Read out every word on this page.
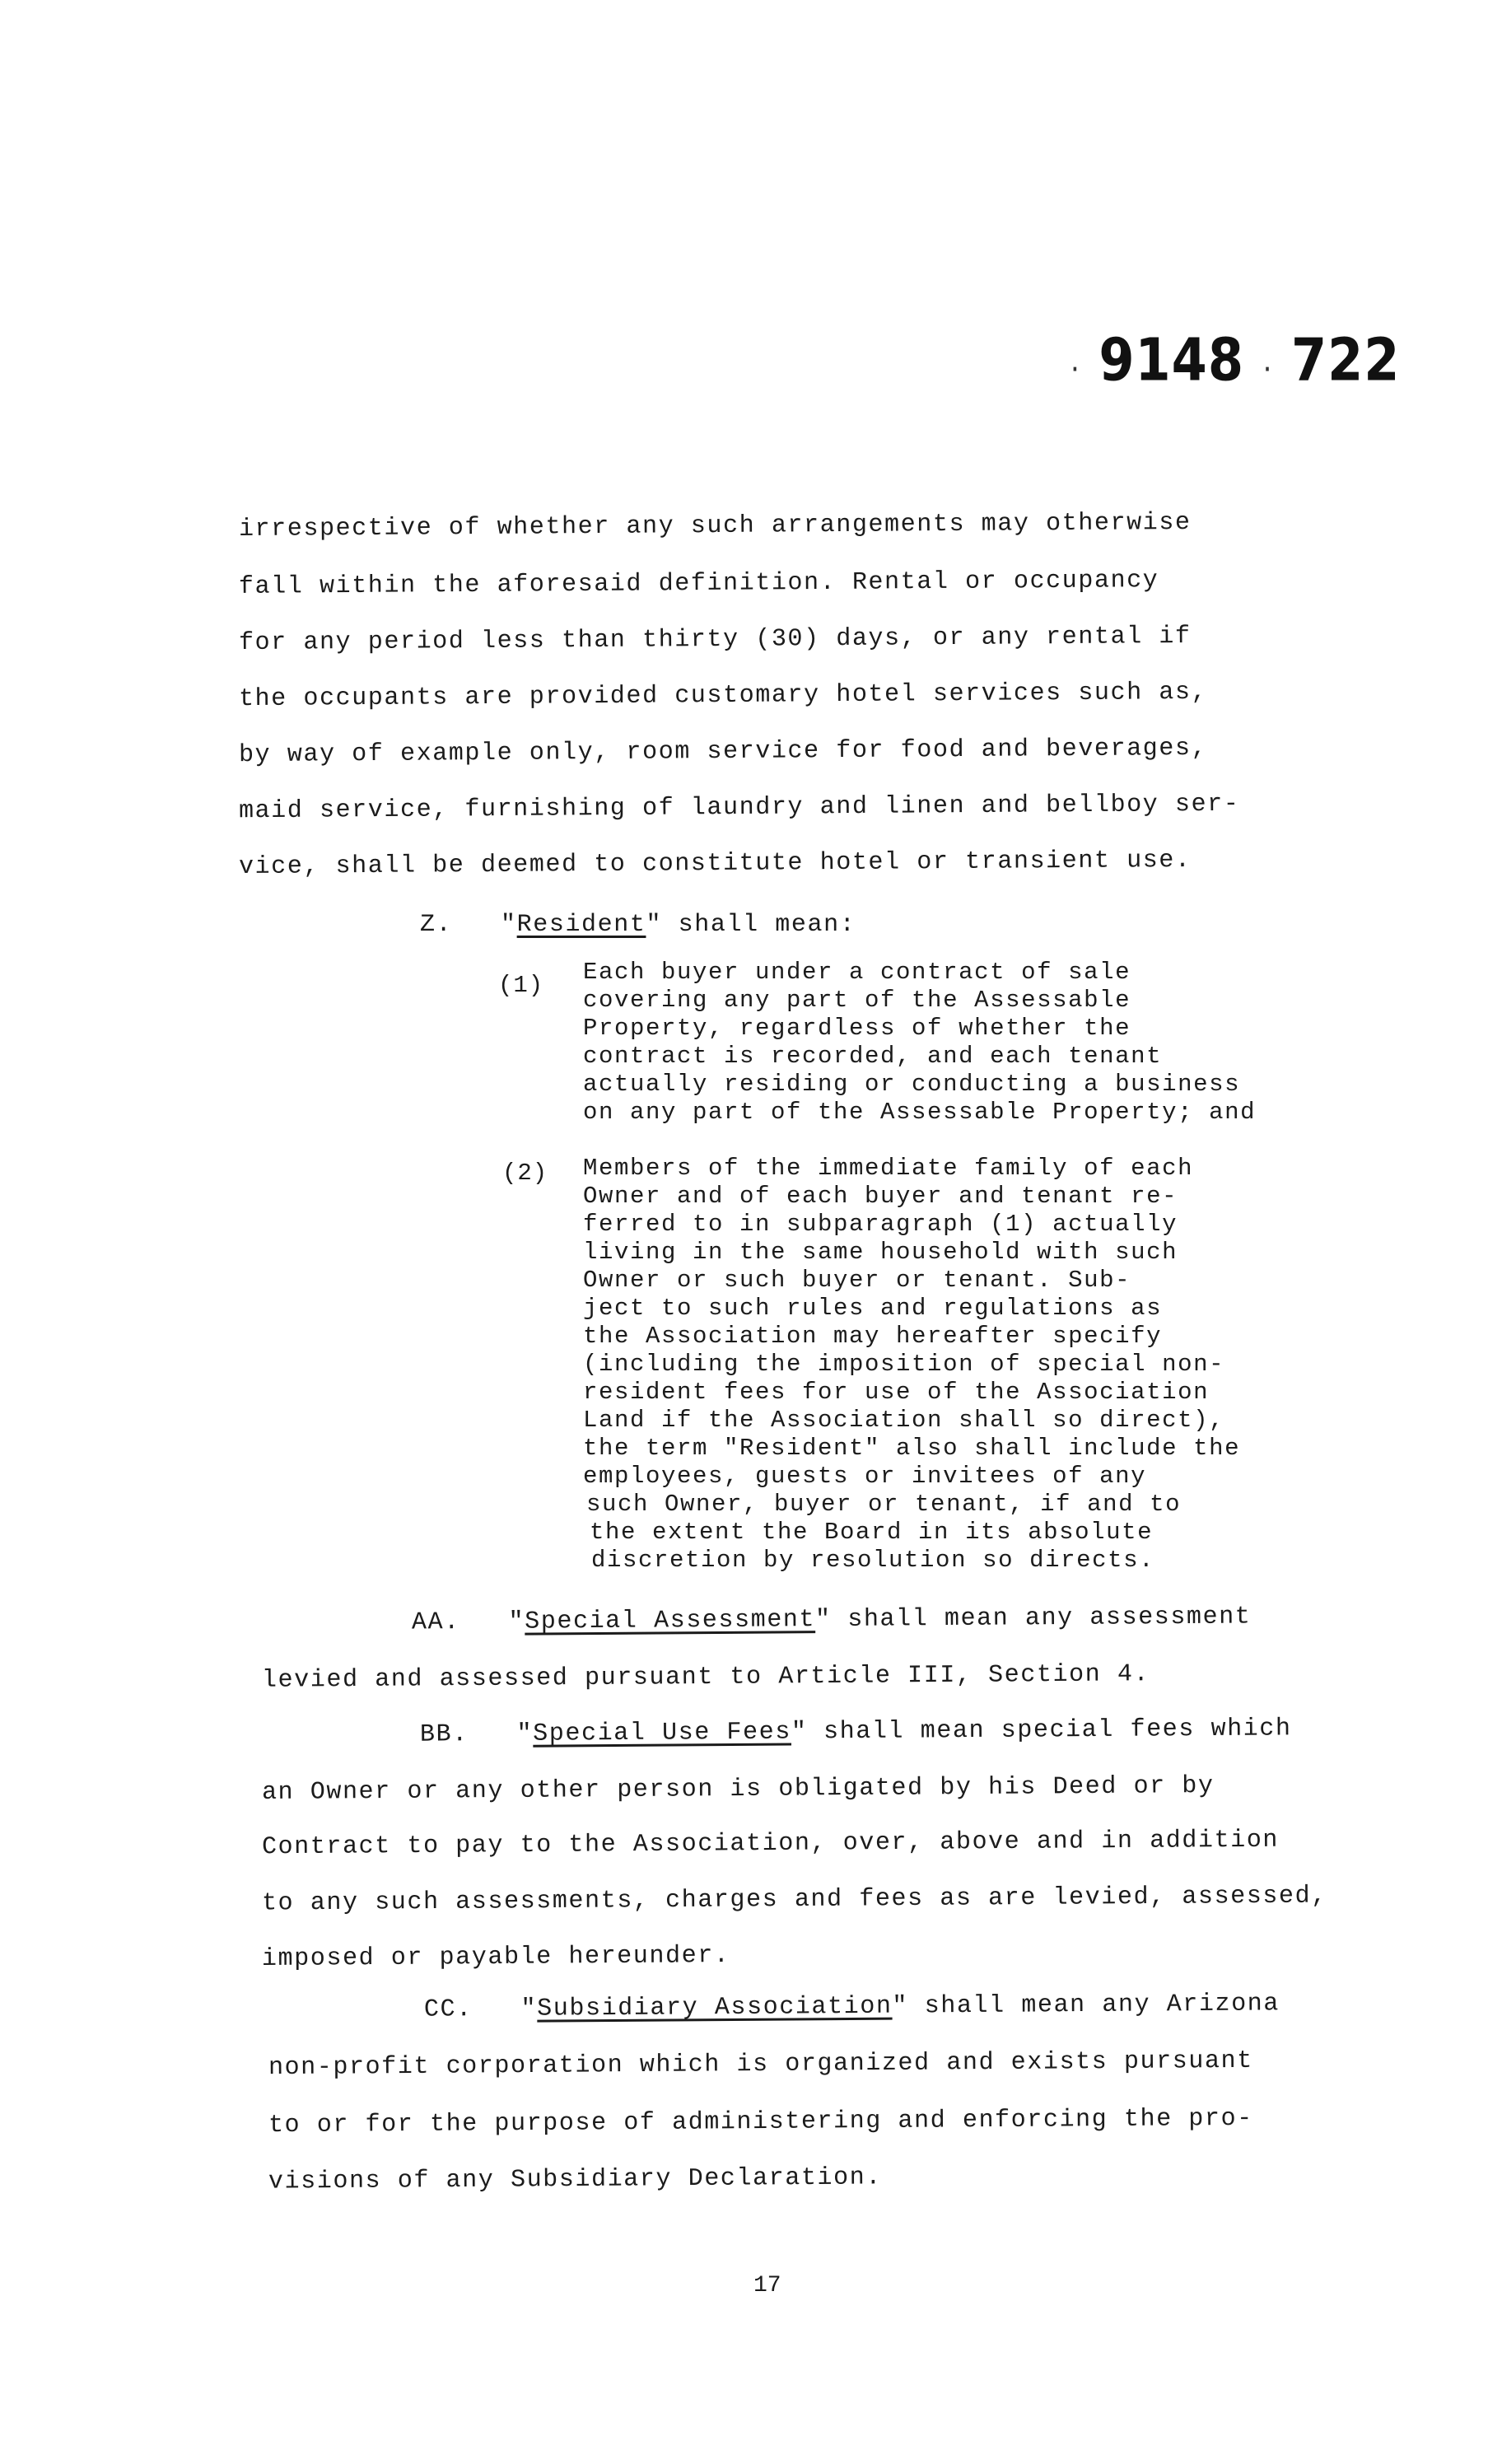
· 9148 · 722
irrespective of whether any such arrangements may otherwise
fall within the aforesaid definition. Rental or occupancy
for any period less than thirty (30) days, or any rental if
the occupants are provided customary hotel services such as,
by way of example only, room service for food and beverages,
maid service, furnishing of laundry and linen and bellboy ser-
vice, shall be deemed to constitute hotel or transient use.
Z. "Resident" shall mean:
(1) Each buyer under a contract of sale
covering any part of the Assessable
Property, regardless of whether the
contract is recorded, and each tenant
actually residing or conducting a business
on any part of the Assessable Property; and
(2) Members of the immediate family of each
Owner and of each buyer and tenant re-
ferred to in subparagraph (1) actually
living in the same household with such
Owner or such buyer or tenant. Sub-
ject to such rules and regulations as
the Association may hereafter specify
(including the imposition of special non-
resident fees for use of the Association
Land if the Association shall so direct),
the term "Resident" also shall include the
employees, guests or invitees of any
such Owner, buyer or tenant, if and to
the extent the Board in its absolute
discretion by resolution so directs.
AA. "Special Assessment" shall mean any assessment
levied and assessed pursuant to Article III, Section 4.
BB. "Special Use Fees" shall mean special fees which
an Owner or any other person is obligated by his Deed or by
Contract to pay to the Association, over, above and in addition
to any such assessments, charges and fees as are levied, assessed,
imposed or payable hereunder.
CC. "Subsidiary Association" shall mean any Arizona
non-profit corporation which is organized and exists pursuant
to or for the purpose of administering and enforcing the pro-
visions of any Subsidiary Declaration.
17
